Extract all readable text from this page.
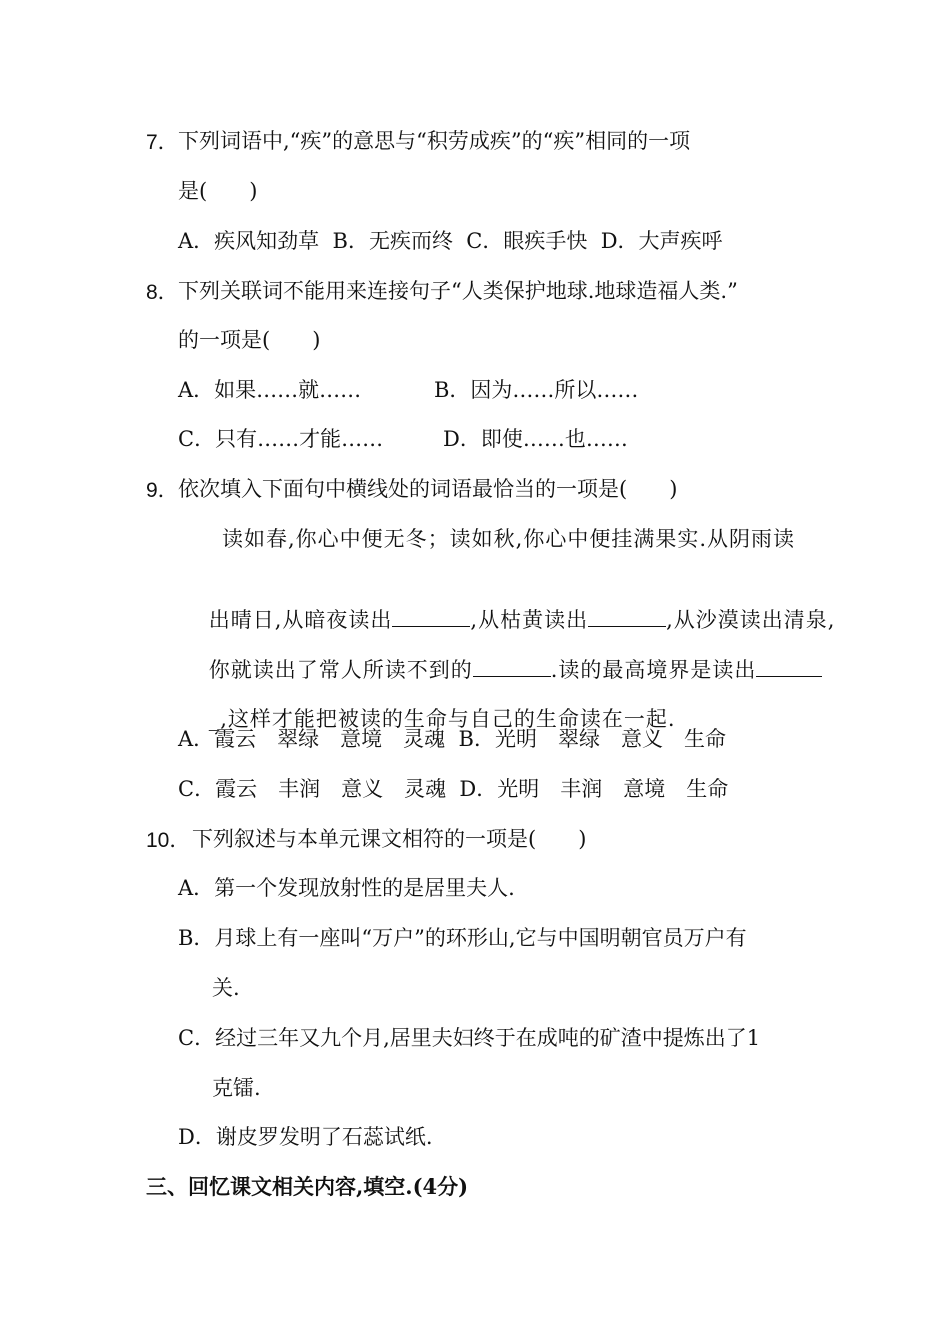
7． 下列词语中,“疾”的意思与“积劳成疾”的“疾”相同的一项
是(　　)
A．疾风知劲草  B．无疾而终  C．眼疾手快  D．大声疾呼
8． 下列关联词不能用来连接句子“人类保护地球.地球造福人类.”
的一项是(　　)
A．如果……就……	B．因为……所以……
C．只有……才能……	D．即使……也……
9． 依次填入下面句中横线处的词语最恰当的一项是(　　)
读如春,你心中便无冬；读如秋,你心中便挂满果实.从阴雨读

出晴日,从暗夜读出	,从枯黄读出	,从沙漠读出清泉,

你就读出了常人所读不到的	.读的最高境界是读出

_,这样才能把被读的生命与自己的生命读在一起.

A．霞云　翠绿　意境　灵魂  B．光明　翠绿　意义　生命
C．霞云　丰润　意义　灵魂  D．光明　丰润　意境　生命
10． 下列叙述与本单元课文相符的一项是(　　)
A．第一个发现放射性的是居里夫人.
B．月球上有一座叫“万户”的环形山,它与中国明朝官员万户有
关.
C．经过三年又九个月,居里夫妇终于在成吨的矿渣中提炼出了1
克镭.
D．谢皮罗发明了石蕊试纸.
三、回忆课文相关内容,填空.(4分)
